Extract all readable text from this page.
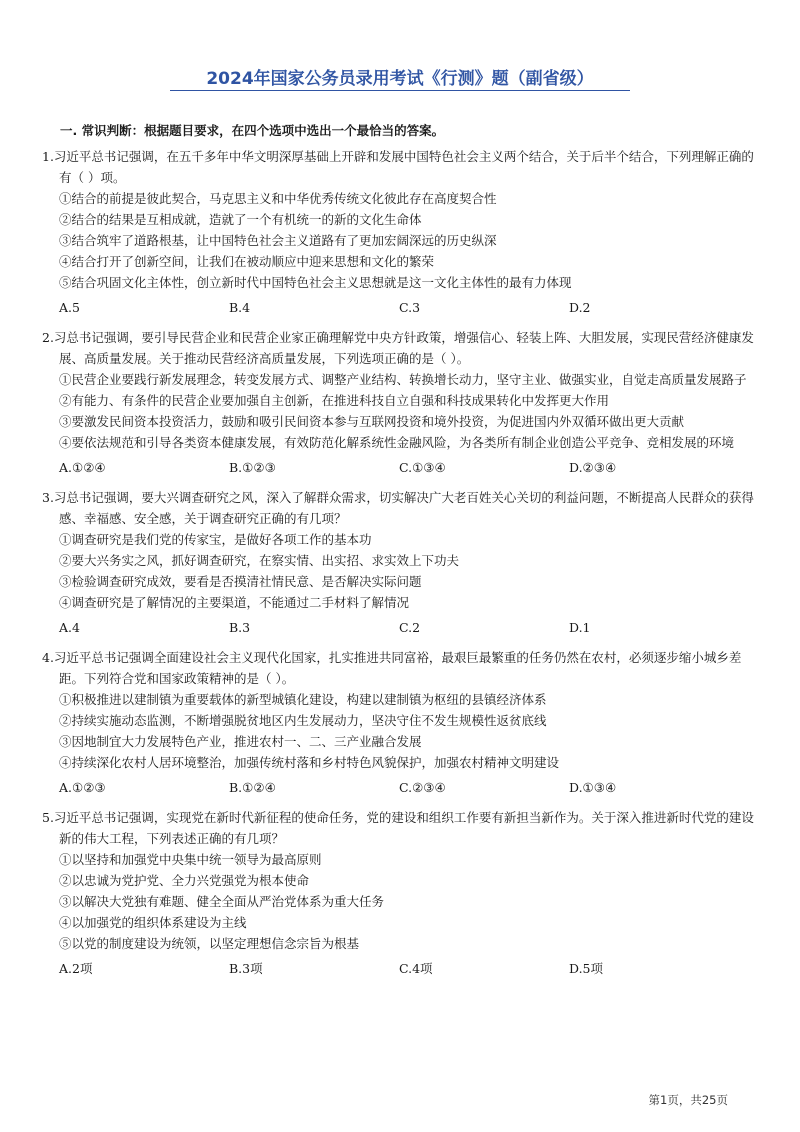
2024年国家公务员录用考试《行测》题（副省级）
一. 常识判断：根据题目要求，在四个选项中选出一个最恰当的答案。
1.习近平总书记强调，在五千多年中华文明深厚基础上开辟和发展中国特色社会主义两个结合，关于后半个结合，下列理解正确的有（ ）项。
①结合的前提是彼此契合，马克思主义和中华优秀传统文化彼此存在高度契合性
②结合的结果是互相成就，造就了一个有机统一的新的文化生命体
③结合筑牢了道路根基，让中国特色社会主义道路有了更加宏阔深远的历史纵深
④结合打开了创新空间，让我们在被动顺应中迎来思想和文化的繁荣
⑤结合巩固文化主体性，创立新时代中国特色社会主义思想就是这一文化主体性的最有力体现
A.5	B.4	C.3	D.2
2.习总书记强调，要引导民营企业和民营企业家正确理解党中央方针政策，增强信心、轻装上阵、大胆发展，实现民营经济健康发展、高质量发展。关于推动民营经济高质量发展，下列选项正确的是（ ）。
①民营企业要践行新发展理念，转变发展方式、调整产业结构、转换增长动力，坚守主业、做强实业，自觉走高质量发展路子
②有能力、有条件的民营企业要加强自主创新，在推进科技自立自强和科技成果转化中发挥更大作用
③要激发民间资本投资活力，鼓励和吸引民间资本参与互联网投资和境外投资，为促进国内外双循环做出更大贡献
④要依法规范和引导各类资本健康发展，有效防范化解系统性金融风险，为各类所有制企业创造公平竞争、竞相发展的环境
A.①②④	B.①②③	C.①③④	D.②③④
3.习总书记强调，要大兴调查研究之风，深入了解群众需求，切实解决广大老百姓关心关切的利益问题，不断提高人民群众的获得感、幸福感、安全感，关于调查研究正确的有几项？
①调查研究是我们党的传家宝，是做好各项工作的基本功
②要大兴务实之风，抓好调查研究，在察实情、出实招、求实效上下功夫
③检验调查研究成效，要看是否摸清社情民意、是否解决实际问题
④调查研究是了解情况的主要渠道，不能通过二手材料了解情况
A.4	B.3	C.2	D.1
4.习近平总书记强调全面建设社会主义现代化国家，扎实推进共同富裕，最艰巨最繁重的任务仍然在农村，必须逐步缩小城乡差距。下列符合党和国家政策精神的是（ ）。
①积极推进以建制镇为重要载体的新型城镇化建设，构建以建制镇为枢纽的县镇经济体系
②持续实施动态监测，不断增强脱贫地区内生发展动力，坚决守住不发生规模性返贫底线
③因地制宜大力发展特色产业，推进农村一、二、三产业融合发展
④持续深化农村人居环境整治，加强传统村落和乡村特色风貌保护，加强农村精神文明建设
A.①②③	B.①②④	C.②③④	D.①③④
5.习近平总书记强调，实现党在新时代新征程的使命任务，党的建设和组织工作要有新担当新作为。关于深入推进新时代党的建设新的伟大工程，下列表述正确的有几项？
①以坚持和加强党中央集中统一领导为最高原则
②以忠诚为党护党、全力兴党强党为根本使命
③以解决大党独有难题、健全全面从严治党体系为重大任务
④以加强党的组织体系建设为主线
⑤以党的制度建设为统领，以坚定理想信念宗旨为根基
A.2项	B.3项	C.4项	D.5项
第1页，共25页
